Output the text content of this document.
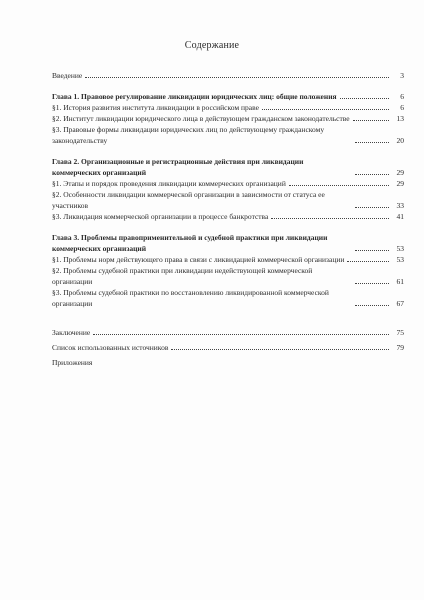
Содержание
Введение	3
Глава 1. Правовое регулирование ликвидации юридических лиц: общие положения	6
§1. История развития института ликвидации в российском праве	6
§2. Институт ликвидации юридического лица в действующем гражданском законодательстве	13
§3. Правовые формы ликвидации юридических лиц по действующему гражданскому законодательству	20
Глава 2. Организационные и регистрационные действия при ликвидации коммерческих организаций	29
§1. Этапы и порядок проведения ликвидации коммерческих организаций	29
§2. Особенности ликвидации коммерческой организации в зависимости от статуса ее участников	33
§3. Ликвидация коммерческой организации в процессе банкротства	41
Глава 3. Проблемы правоприменительной и судебной практики при ликвидации коммерческих организаций	53
§1. Проблемы норм действующего права в связи с ликвидацией коммерческой организации	53
§2. Проблемы судебной практики при ликвидации недействующей коммерческой организации	61
§3. Проблемы судебной практики по восстановлению ликвидированной коммерческой организации	67
Заключение	75
Список использованных источников	79
Приложения
